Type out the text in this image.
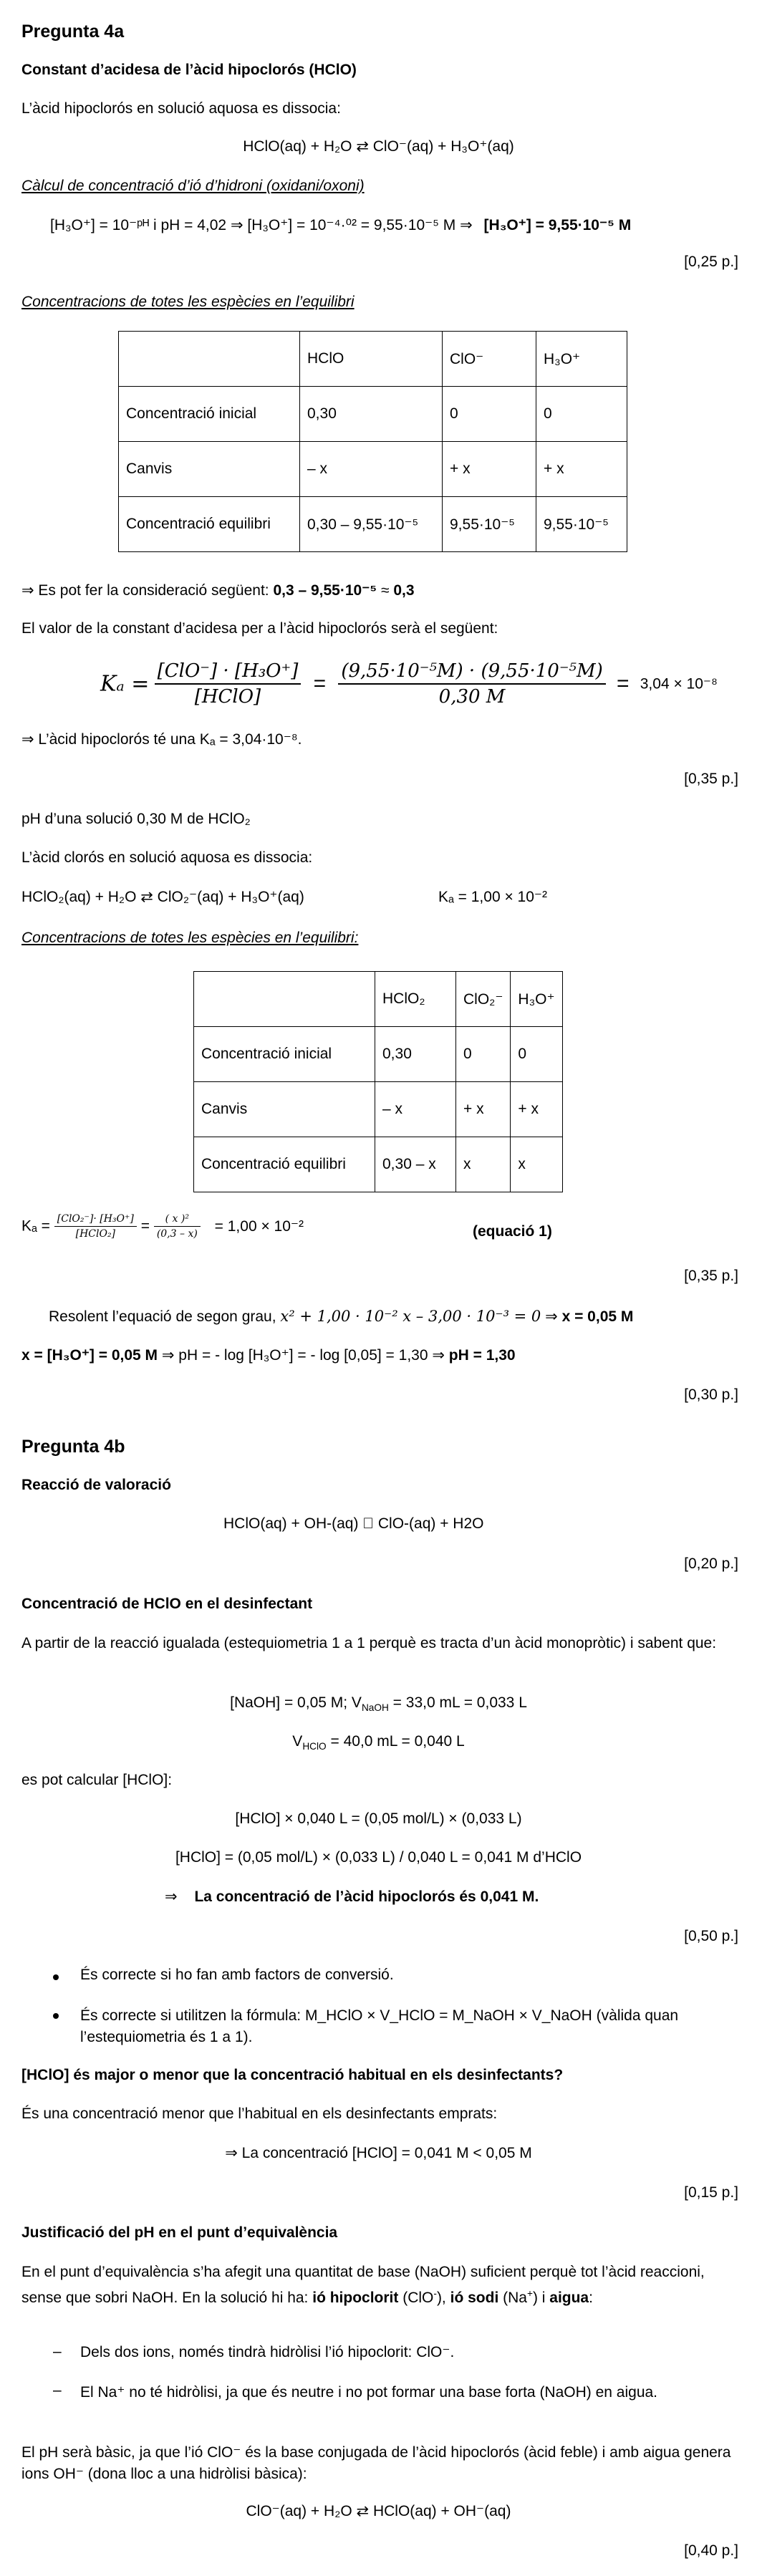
Pregunta 4a
Constant d’acidesa de l’àcid hipoclorós (HClO)
L’àcid hipoclorós en solució aquosa es dissocia:
HClO(aq) + H₂O ⇄ ClO⁻(aq) + H₃O⁺(aq)
Càlcul de concentració d’ió d’hidroni (oxidani/oxoni)
[H₃O⁺] = 10⁻ᵖᴴ i pH = 4,02 ⇒ [H₃O⁺] = 10⁻⁴·⁰² = 9,55·10⁻⁵ M ⇒ [H₃O⁺] = 9,55·10⁻⁵ M
[0,25 p.]
Concentracions de totes les espècies en l’equilibri
	HClO	ClO⁻	H₃O⁺
Concentració inicial	0,30	0	0
Canvis	– x	+ x	+ x
Concentració equilibri	0,30 – 9,55·10⁻⁵	9,55·10⁻⁵	9,55·10⁻⁵
⇒ Es pot fer la consideració següent: 0,3 – 9,55·10⁻⁵ ≈ 0,3
El valor de la constant d’acidesa per a l’àcid hipoclorós serà el següent:
$K_a = \frac{\text{[ClO⁻] · [H₃O⁺]}}{\text{[HClO]}} = \frac{\text{(9,55·10⁻⁵M) · (9,55·10⁻⁵M)}}{0,30 M} = 3,04 \times 10^{-8}$
⇒ L’àcid hipoclorós té una Kₐ = 3,04·10⁻⁸.
[0,35 p.]
pH d’una solució 0,30 M de HClO₂
L’àcid clorós en solució aquosa es dissocia:
HClO₂(aq) + H₂O ⇄ ClO₂⁻(aq) + H₃O⁺(aq)	Kₐ = 1,00 × 10⁻²
Concentracions de totes les espècies en l’equilibri:
	HClO₂	ClO₂⁻	H₃O⁺
Concentració inicial	0,30	0	0
Canvis	– x	+ x	+ x
Concentració equilibri	0,30 – x	x	x
$K_a = \frac{\text{[ClO₂⁻]· [H₃O⁺]}}{\text{[HClO₂]}} = \frac{\text{( x )²}}{(0,3 - x)} = 1,00 \times 10^{-2}$	(equació 1)
[0,35 p.]
Resolent l’equació de segon grau, x² + 1,00 · 10⁻² x – 3,00 · 10⁻³ = 0 ⇒ x = 0,05 M
x = [H₃O⁺] = 0,05 M ⇒ pH = - log [H₃O⁺] = - log [0,05] = 1,30 ⇒ pH = 1,30
[0,30 p.]
Pregunta 4b
Reacció de valoració
HClO(aq) + OH-(aq) ⃞ ClO-(aq) + H2O
[0,20 p.]
Concentració de HClO en el desinfectant
A partir de la reacció igualada (estequiometria 1 a 1 perquè es tracta d’un àcid monopròtic) i sabent que:
[NaOH] = 0,05 M; $V_{NaOH} = 33,0$ mL = 0,033 L
$V_{HClO} = 40,0$ mL = 0,040 L
es pot calcular [HClO]:
[HClO] × 0,040 L = (0,05 mol/L) × (0,033 L)
[HClO] = (0,05 mol/L) × (0,033 L) / 0,040 L = 0,041 M d’HClO
⇒ La concentració de l’àcid hipoclorós és 0,041 M.
[0,50 p.]
És correcte si ho fan amb factors de conversió.
És correcte si utilitzen la fórmula: M_HClO × V_HClO = M_NaOH × V_NaOH (vàlida quan l’estequiometria és 1 a 1).
[HClO] és major o menor que la concentració habitual en els desinfectants?
És una concentració menor que l’habitual en els desinfectants emprats:
⇒ La concentració [HClO] = 0,041 M < 0,05 M
[0,15 p.]
Justificació del pH en el punt d’equivalència
En el punt d’equivalència s’ha afegit una quantitat de base (NaOH) suficient perquè tot l’àcid reaccioni, sense que sobri NaOH. En la solució hi ha: ió hipoclorit (ClO-), ió sodi (Na+) i aigua:
– Dels dos ions, només tindrà hidròlisi l’ió hipoclorit: ClO⁻.
– El Na⁺ no té hidròlisi, ja que és neutre i no pot formar una base forta (NaOH) en aigua.
El pH serà bàsic, ja que l’ió ClO⁻ és la base conjugada de l’àcid hipoclorós (àcid feble) i amb aigua genera ions OH⁻ (dona lloc a una hidròlisi bàsica):
ClO⁻(aq) + H₂O ⇄ HClO(aq) + OH⁻(aq)
[0,40 p.]
